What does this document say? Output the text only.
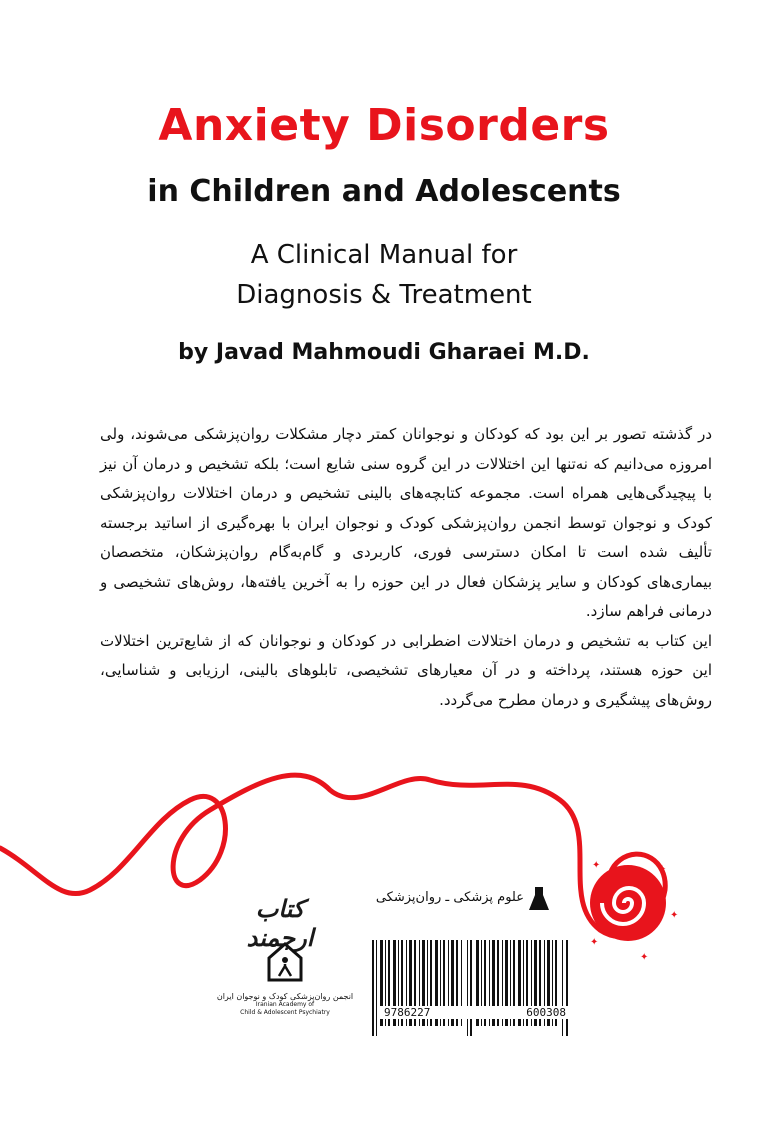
Anxiety Disorders
in Children and Adolescents
A Clinical Manual for
Diagnosis & Treatment
by Javad Mahmoudi Gharaei M.D.

در گذشته تصور بر این بود که کودکان و نوجوانان کمتر دچار مشکلات روان‌پزشکی می‌شوند، ولی امروزه می‌دانیم که نه‌تنها این اختلالات در این گروه سنی شایع است؛ بلکه تشخیص و درمان آن نیز با پیچیدگی‌هایی همراه است. مجموعه کتابچه‌های بالینی تشخیص و درمان اختلالات روان‌پزشکی کودک و نوجوان توسط انجمن روان‌پزشکی کودک و نوجوان ایران با بهره‌گیری از اساتید برجسته تألیف شده است تا امکان دسترسی فوری، کاربردی و گام‌به‌گام روان‌پزشکان، متخصصان بیماری‌های کودکان و سایر پزشکان فعال در این حوزه را به آخرین یافته‌ها، روش‌های تشخیصی و درمانی فراهم سازد.

این کتاب به تشخیص و درمان اختلالات اضطرابی در کودکان و نوجوانان که از شایع‌ترین اختلالات این حوزه هستند، پرداخته و در آن معیارهای تشخیصی، تابلوهای بالینی، ارزیابی و شناسایی، روش‌های پیشگیری و درمان مطرح می‌گردد.

✦	✦
✦
✦
✦
کتاب ارجمند
انجمن روان‌پزشکی کودک و نوجوان ایران
Iranian Academy of
Child & Adolescent Psychiatry
علوم پزشکی ـ روان‌پزشکی
9786227	600308
